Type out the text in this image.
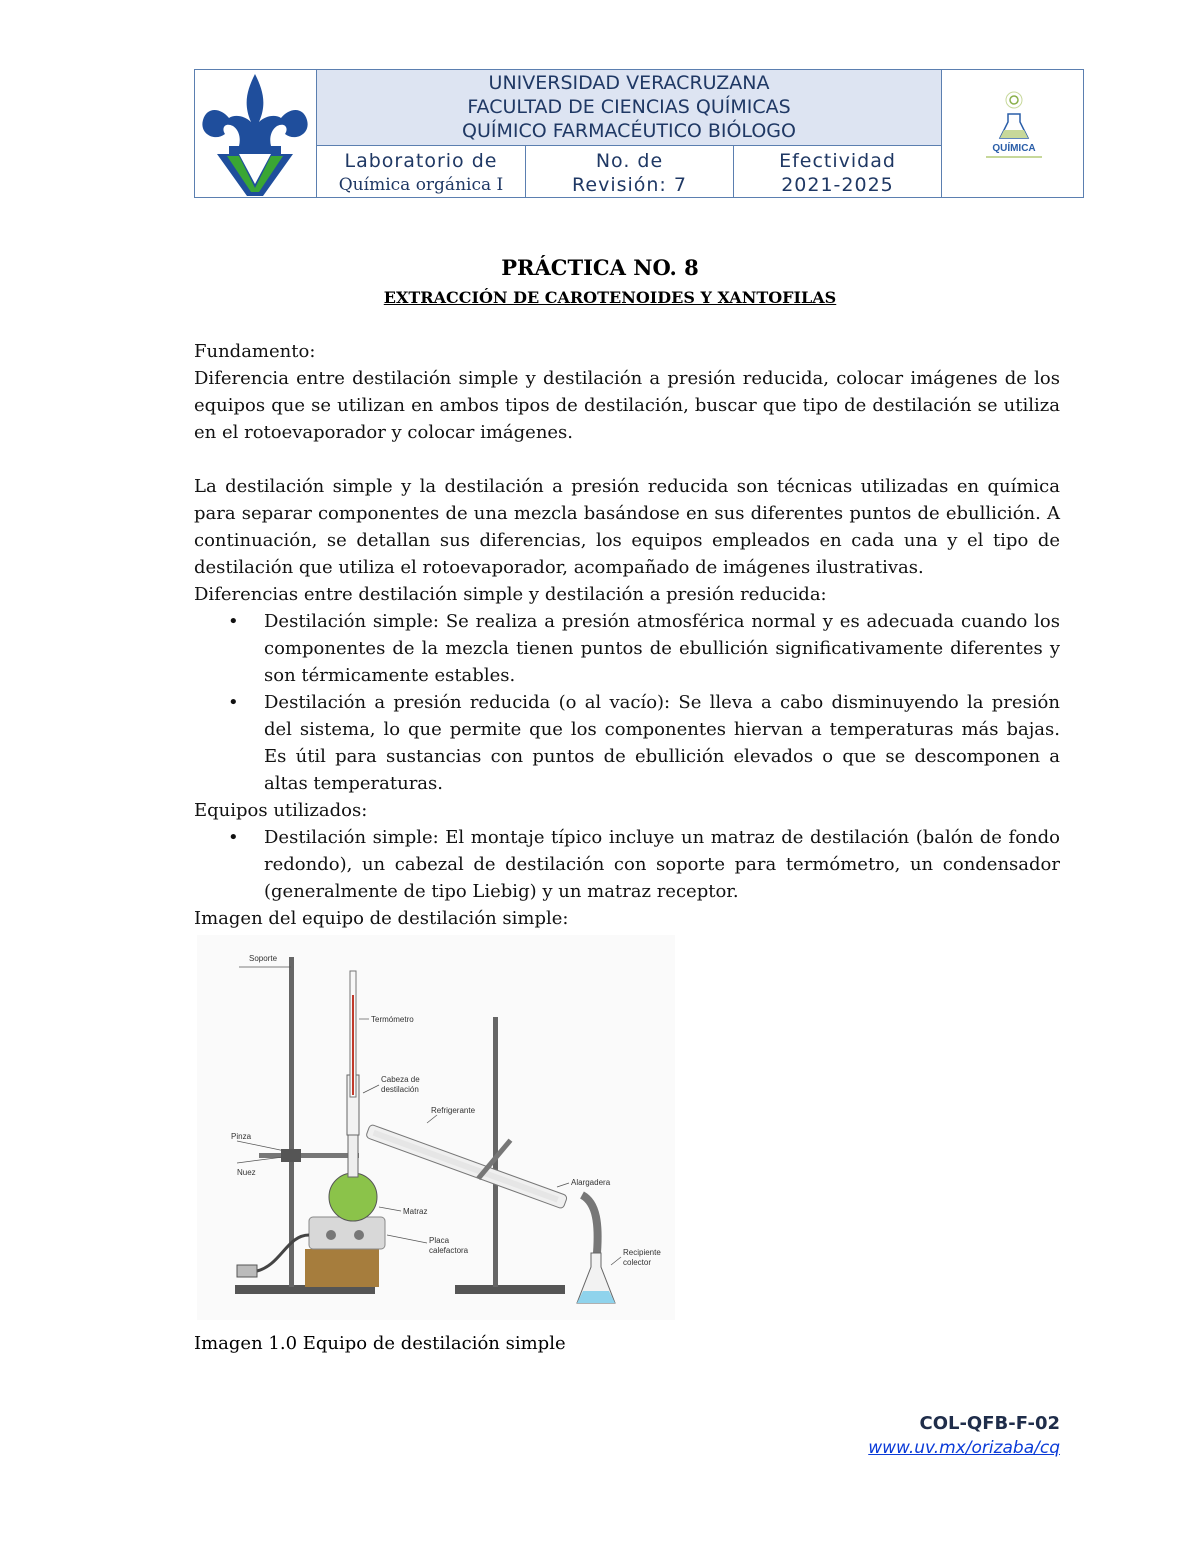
UNIVERSIDAD VERACRUZANA
FACULTAD DE CIENCIAS QUÍMICAS
QUÍMICO FARMACÉUTICO BIÓLOGO
Laboratorio de
Química orgánica I
No. de
Revisión: 7
Efectividad
2021-2025
QUÍMICA
PRÁCTICA NO. 8
EXTRACCIÓN DE CAROTENOIDES Y XANTOFILAS

Fundamento:

Diferencia entre destilación simple y destilación a presión reducida, colocar imágenes de los equipos que se utilizan en ambos tipos de destilación, buscar que tipo de destilación se utiliza en el rotoevaporador y colocar imágenes.

La destilación simple y la destilación a presión reducida son técnicas utilizadas en química para separar componentes de una mezcla basándose en sus diferentes puntos de ebullición. A continuación, se detallan sus diferencias, los equipos empleados en cada una y el tipo de destilación que utiliza el rotoevaporador, acompañado de imágenes ilustrativas.

Diferencias entre destilación simple y destilación a presión reducida:

• Destilación simple: Se realiza a presión atmosférica normal y es adecuada cuando los componentes de la mezcla tienen puntos de ebullición significativamente diferentes y son térmicamente estables.

• Destilación a presión reducida (o al vacío): Se lleva a cabo disminuyendo la presión del sistema, lo que permite que los componentes hiervan a temperaturas más bajas. Es útil para sustancias con puntos de ebullición elevados o que se descomponen a altas temperaturas.

Equipos utilizados:

• Destilación simple: El montaje típico incluye un matraz de destilación (balón de fondo redondo), un cabezal de destilación con soporte para termómetro, un condensador (generalmente de tipo Liebig) y un matraz receptor.

Imagen del equipo de destilación simple:

Soporte
Termómetro
Cabeza de
destilación
Refrigerante
Pinza
Nuez
Alargadera
Matraz
Placa
calefactora	Recipiente
colector
Imagen 1.0 Equipo de destilación simple
COL-QFB-F-02
www.uv.mx/orizaba/cq
